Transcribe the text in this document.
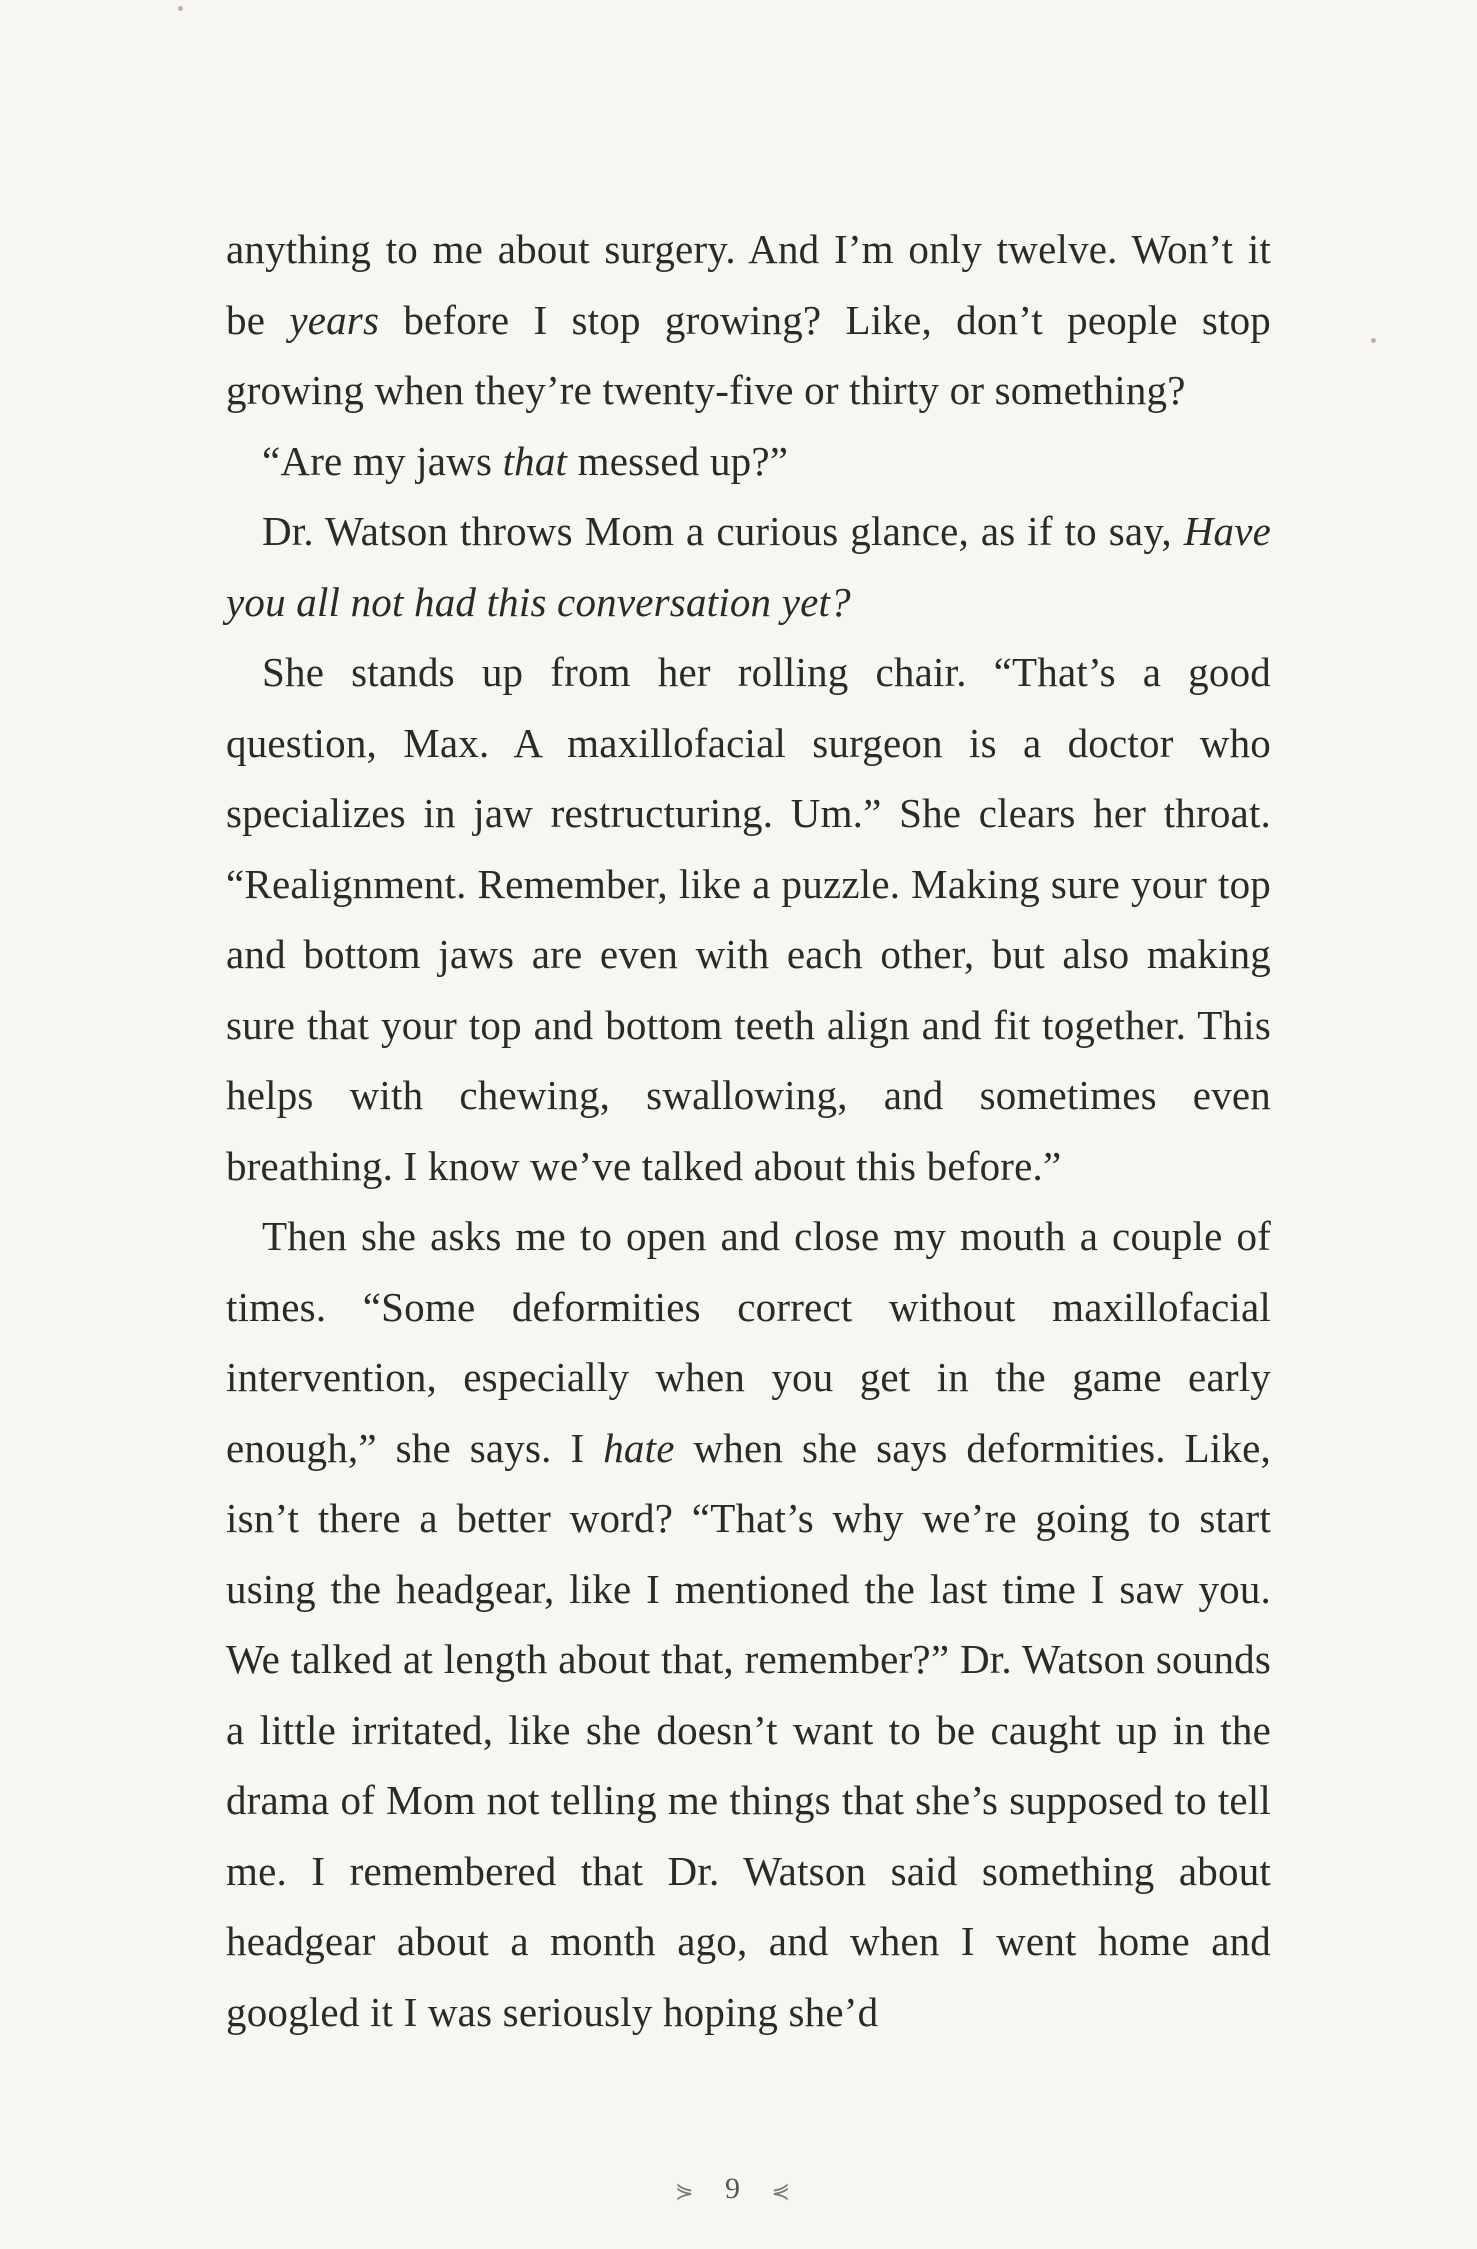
anything to me about surgery. And I’m only twelve. Won’t it be years before I stop growing? Like, don’t people stop growing when they’re twenty-five or thirty or something?

“Are my jaws that messed up?”

Dr. Watson throws Mom a curious glance, as if to say, Have you all not had this conversation yet?

She stands up from her rolling chair. “That’s a good question, Max. A maxillofacial surgeon is a doctor who specializes in jaw restructuring. Um.” She clears her throat. “Realignment. Remember, like a puzzle. Making sure your top and bottom jaws are even with each other, but also making sure that your top and bottom teeth align and fit together. This helps with chewing, swallowing, and sometimes even breathing. I know we’ve talked about this before.”

Then she asks me to open and close my mouth a couple of times. “Some deformities correct without maxillofacial intervention, especially when you get in the game early enough,” she says. I hate when she says deformities. Like, isn’t there a better word? “That’s why we’re going to start using the headgear, like I mentioned the last time I saw you. We talked at length about that, remember?” Dr. Watson sounds a little irritated, like she doesn’t want to be caught up in the drama of Mom not telling me things that she’s supposed to tell me. I remembered that Dr. Watson said something about headgear about a month ago, and when I went home and googled it I was seriously hoping she’d

⋟ 9 ⋞
